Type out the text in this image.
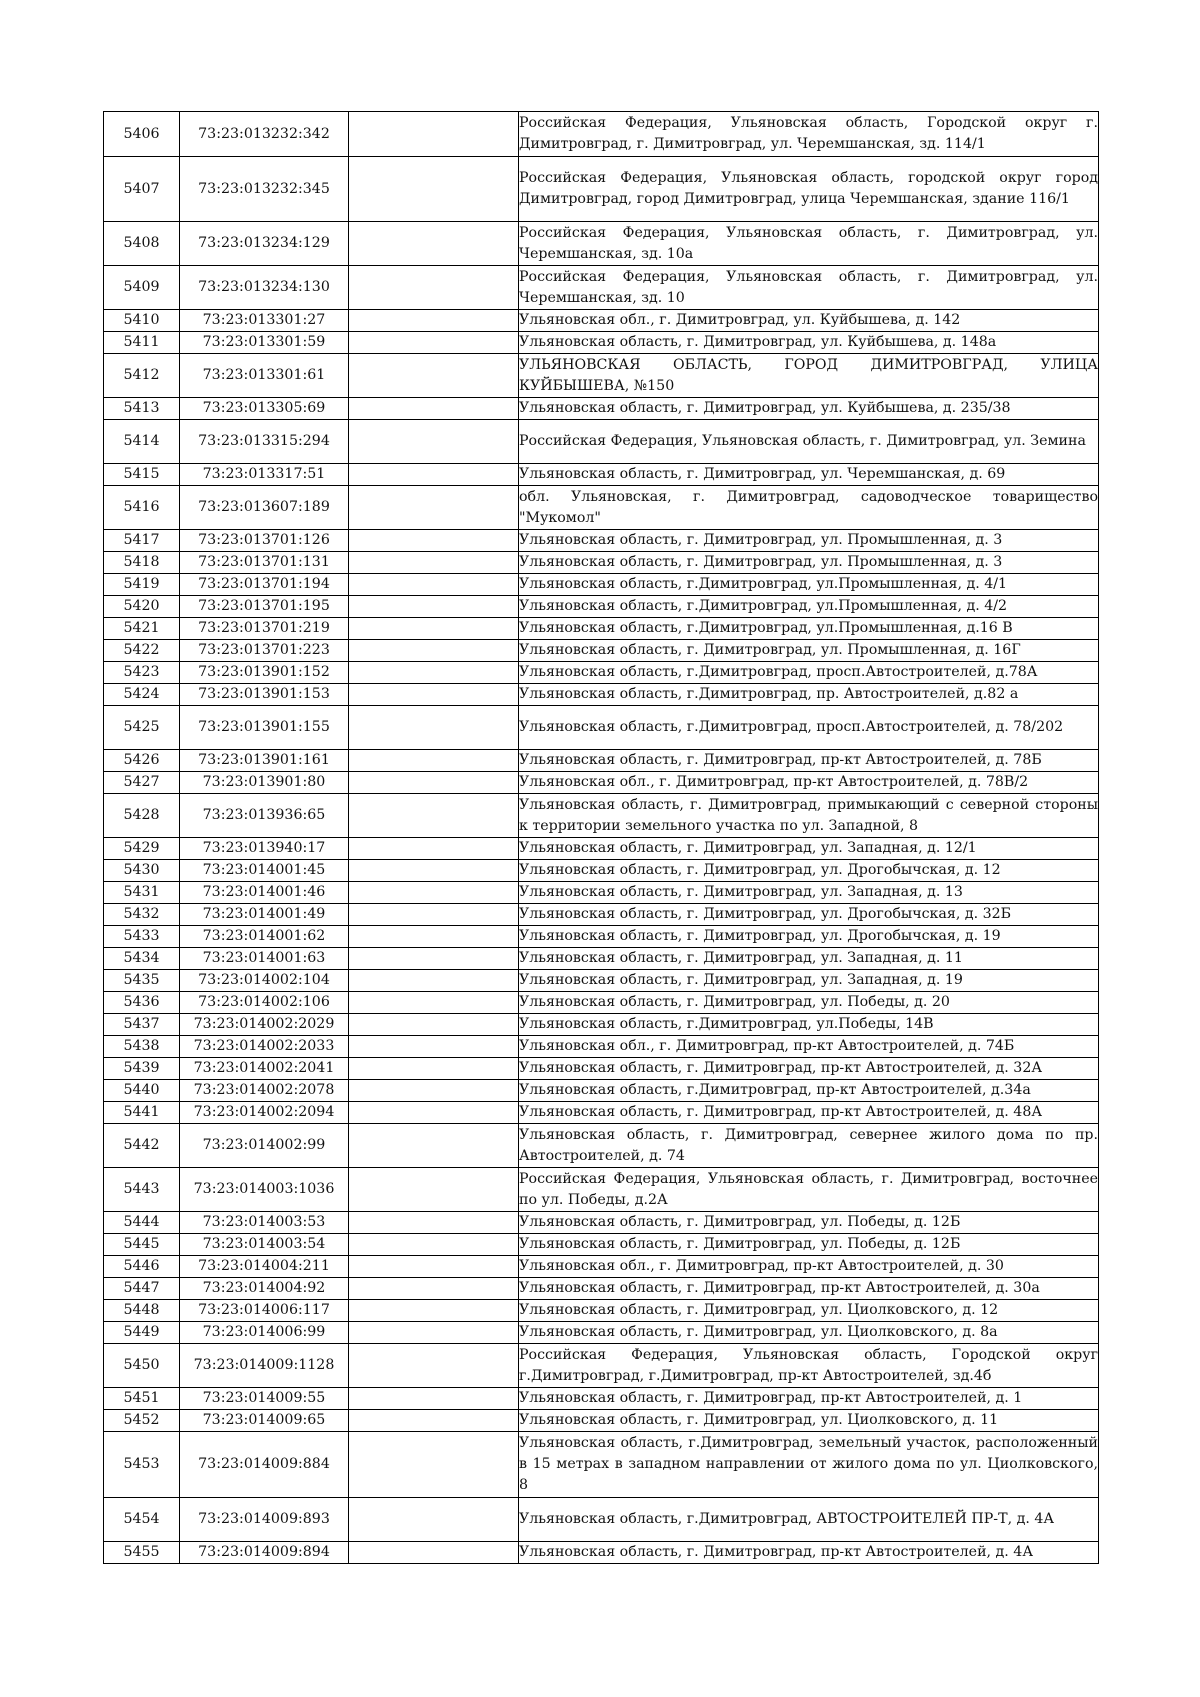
5406	73:23:013232:342		Российская Федерация, Ульяновская область, Городской округ г. Димитровград, г. Димитровград, ул. Черемшанская, зд. 114/1
5407	73:23:013232:345		Российская Федерация, Ульяновская область, городской округ город Димитровград, город Димитровград, улица Черемшанская, здание 116/1
5408	73:23:013234:129		Российская Федерация, Ульяновская область, г. Димитровград, ул. Черемшанская, зд. 10а
5409	73:23:013234:130		Российская Федерация, Ульяновская область, г. Димитровград, ул. Черемшанская, зд. 10
5410	73:23:013301:27		Ульяновская обл., г. Димитровград, ул. Куйбышева, д. 142
5411	73:23:013301:59		Ульяновская область, г. Димитровград, ул. Куйбышева, д. 148а
5412	73:23:013301:61		УЛЬЯНОВСКАЯ ОБЛАСТЬ, ГОРОД ДИМИТРОВГРАД, УЛИЦА КУЙБЫШЕВА, №150
5413	73:23:013305:69		Ульяновская область, г. Димитровград, ул. Куйбышева, д. 235/38
5414	73:23:013315:294		Российская Федерация, Ульяновская область, г. Димитровград, ул. Земина
5415	73:23:013317:51		Ульяновская область, г. Димитровград, ул. Черемшанская, д. 69
5416	73:23:013607:189		обл. Ульяновская, г. Димитровград, садоводческое товарищество "Мукомол"
5417	73:23:013701:126		Ульяновская область, г. Димитровград, ул. Промышленная, д. 3
5418	73:23:013701:131		Ульяновская область, г. Димитровград, ул. Промышленная, д. 3
5419	73:23:013701:194		Ульяновская область, г.Димитровград, ул.Промышленная, д. 4/1
5420	73:23:013701:195		Ульяновская область, г.Димитровград, ул.Промышленная, д. 4/2
5421	73:23:013701:219		Ульяновская область, г.Димитровград, ул.Промышленная, д.16 В
5422	73:23:013701:223		Ульяновская область, г. Димитровград, ул. Промышленная, д. 16Г
5423	73:23:013901:152		Ульяновская область, г.Димитровград, просп.Автостроителей, д.78А
5424	73:23:013901:153		Ульяновская область, г.Димитровград, пр. Автостроителей, д.82 а
5425	73:23:013901:155		Ульяновская область, г.Димитровград, просп.Автостроителей, д. 78/202
5426	73:23:013901:161		Ульяновская область, г. Димитровград, пр-кт Автостроителей, д. 78Б
5427	73:23:013901:80		Ульяновская обл., г. Димитровград, пр-кт Автостроителей, д. 78В/2
5428	73:23:013936:65		Ульяновская область, г. Димитровград, примыкающий с северной стороны к территории земельного участка по ул. Западной, 8
5429	73:23:013940:17		Ульяновская область, г. Димитровград, ул. Западная, д. 12/1
5430	73:23:014001:45		Ульяновская область, г. Димитровград, ул. Дрогобычская, д. 12
5431	73:23:014001:46		Ульяновская область, г. Димитровград, ул. Западная, д. 13
5432	73:23:014001:49		Ульяновская область, г. Димитровград, ул. Дрогобычская, д. 32Б
5433	73:23:014001:62		Ульяновская область, г. Димитровград, ул. Дрогобычская, д. 19
5434	73:23:014001:63		Ульяновская область, г. Димитровград, ул. Западная, д. 11
5435	73:23:014002:104		Ульяновская область, г. Димитровград, ул. Западная, д. 19
5436	73:23:014002:106		Ульяновская область, г. Димитровград, ул. Победы, д. 20
5437	73:23:014002:2029		Ульяновская область, г.Димитровград, ул.Победы, 14В
5438	73:23:014002:2033		Ульяновская обл., г. Димитровград, пр-кт Автостроителей, д. 74Б
5439	73:23:014002:2041		Ульяновская область, г. Димитровград, пр-кт Автостроителей, д. 32А
5440	73:23:014002:2078		Ульяновская область, г.Димитровград, пр-кт Автостроителей, д.34а
5441	73:23:014002:2094		Ульяновская область, г. Димитровград, пр-кт Автостроителей, д. 48А
5442	73:23:014002:99		Ульяновская область, г. Димитровград, севернее жилого дома по пр. Автостроителей, д. 74
5443	73:23:014003:1036		Российская Федерация, Ульяновская область, г. Димитровград, восточнее по ул. Победы, д.2А
5444	73:23:014003:53		Ульяновская область, г. Димитровград, ул. Победы, д. 12Б
5445	73:23:014003:54		Ульяновская область, г. Димитровград, ул. Победы, д. 12Б
5446	73:23:014004:211		Ульяновская обл., г. Димитровград, пр-кт Автостроителей, д. 30
5447	73:23:014004:92		Ульяновская область, г. Димитровград, пр-кт Автостроителей, д. 30а
5448	73:23:014006:117		Ульяновская область, г. Димитровград, ул. Циолковского, д. 12
5449	73:23:014006:99		Ульяновская область, г. Димитровград, ул. Циолковского, д. 8а
5450	73:23:014009:1128		Российская Федерация, Ульяновская область, Городской округ г.Димитровград, г.Димитровград, пр-кт Автостроителей, зд.4б
5451	73:23:014009:55		Ульяновская область, г. Димитровград, пр-кт Автостроителей, д. 1
5452	73:23:014009:65		Ульяновская область, г. Димитровград, ул. Циолковского, д. 11
5453	73:23:014009:884		Ульяновская область, г.Димитровград, земельный участок, расположенный в 15 метрах в западном направлении от жилого дома по ул. Циолковского, 8
5454	73:23:014009:893		Ульяновская область, г.Димитровград, АВТОСТРОИТЕЛЕЙ ПР-Т, д. 4А
5455	73:23:014009:894		Ульяновская область, г. Димитровград, пр-кт Автостроителей, д. 4А
